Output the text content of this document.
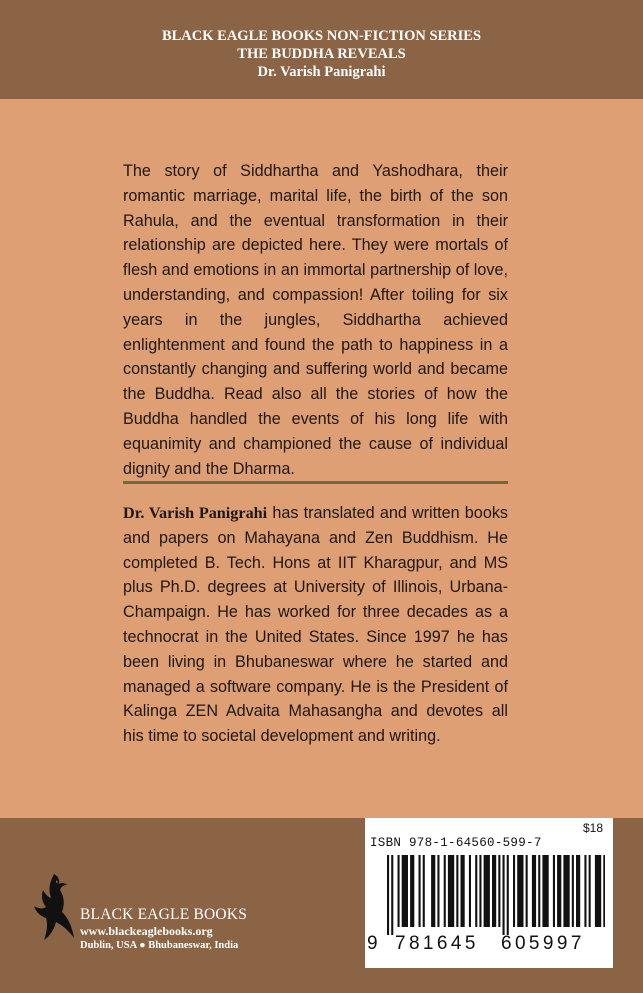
BLACK EAGLE BOOKS NON-FICTION SERIES
THE BUDDHA REVEALS
Dr. Varish Panigrahi
The story of Siddhartha and Yashodhara, their romantic marriage, marital life, the birth of the son Rahula, and the eventual transformation in their relationship are depicted here. They were mortals of flesh and emotions in an immortal partnership of love, understanding, and compassion! After toiling for six years in the jungles, Siddhartha achieved enlightenment and found the path to happiness in a constantly changing and suffering world and became the Buddha. Read also all the stories of how the Buddha handled the events of his long life with equanimity and championed the cause of individual dignity and the Dharma.
Dr. Varish Panigrahi has translated and written books and papers on Mahayana and Zen Buddhism. He completed B. Tech. Hons at IIT Kharagpur, and MS plus Ph.D. degrees at University of Illinois, Urbana-Champaign. He has worked for three decades as a technocrat in the United States. Since 1997 he has been living in Bhubaneswar where he started and managed a software company. He is the President of Kalinga ZEN Advaita Mahasangha and devotes all his time to societal development and writing.
BLACK EAGLE BOOKS
www.blackeaglebooks.org
Dublin, USA ● Bhubaneswar, India
$18
ISBN 978-1-64560-599-7
9 781645 605997
